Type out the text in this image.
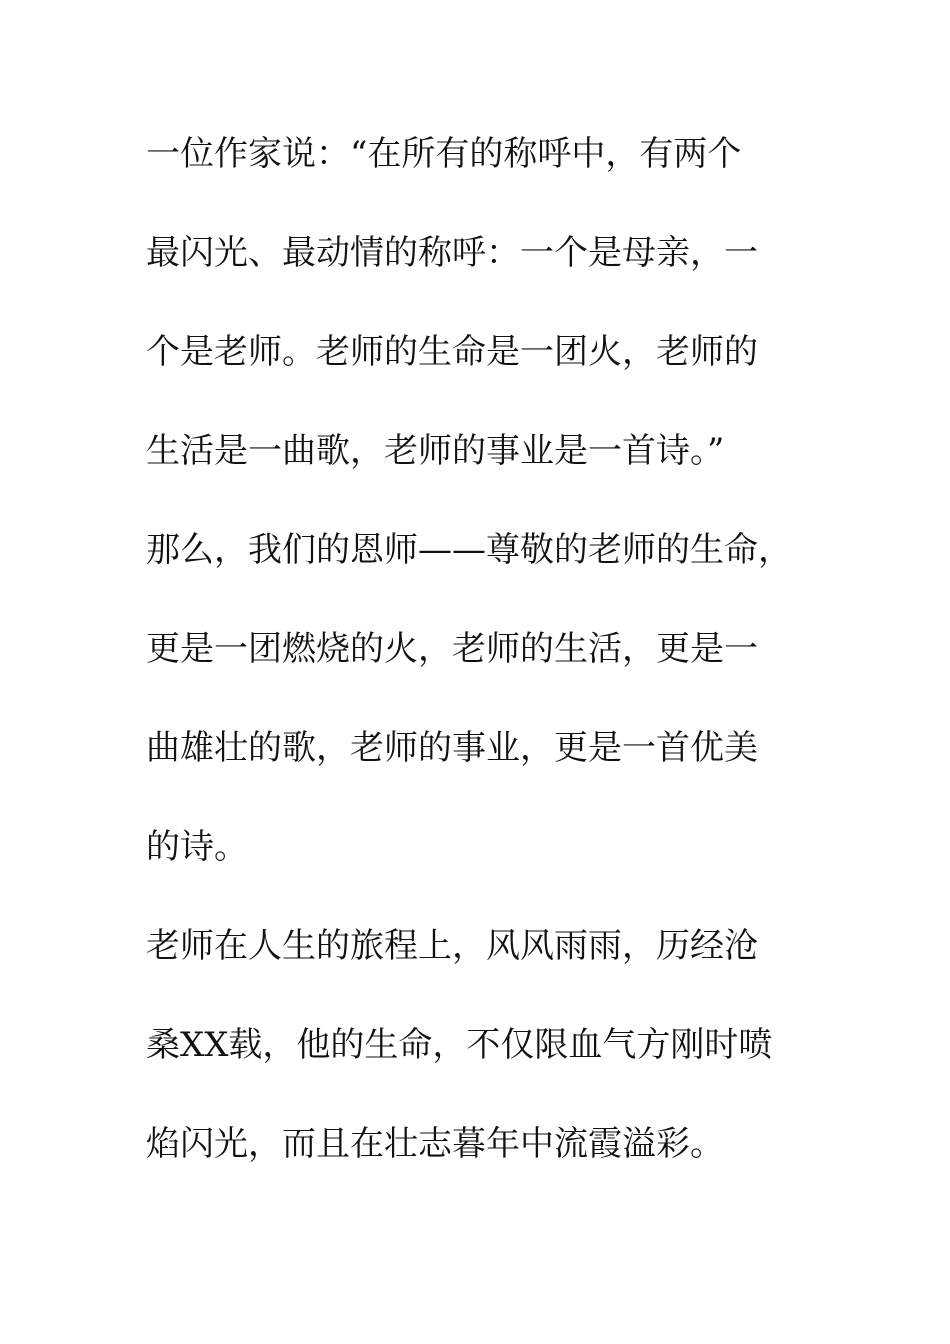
一位作家说：“在所有的称呼中，有两个
最闪光、最动情的称呼：一个是母亲，一
个是老师。老师的生命是一团火，老师的
生活是一曲歌，老师的事业是一首诗。”
那么，我们的恩师——尊敬的老师的生命，
更是一团燃烧的火，老师的生活，更是一
曲雄壮的歌，老师的事业，更是一首优美
的诗。
老师在人生的旅程上，风风雨雨，历经沧
桑XX载，他的生命，不仅限血气方刚时喷
焰闪光，而且在壮志暮年中流霞溢彩。
